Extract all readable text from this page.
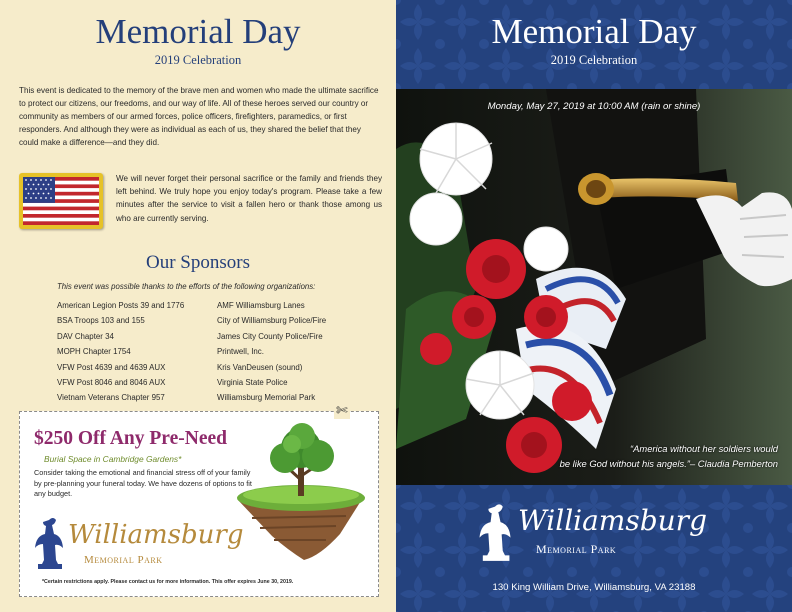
Memorial Day
2019 Celebration
This event is dedicated to the memory of the brave men and women who made the ultimate sacrifice to protect our citizens, our freedoms, and our way of life. All of these heroes served our country or community as members of our armed forces, police officers, firefighters, paramedics, or first responders. And although they were as individual as each of us, they shared the belief that they could make a difference—and they did.
We will never forget their personal sacrifice or the family and friends they left behind. We truly hope you enjoy today's program. Please take a few minutes after the service to visit a fallen hero or thank those among us who are currently serving.
Our Sponsors
This event was possible thanks to the efforts of the following organizations:
American Legion Posts 39 and 1776
BSA Troops 103 and 155
DAV Chapter 34
MOPH Chapter 1754
VFW Post 4639 and 4639 AUX
VFW Post 8046 and 8046 AUX
Vietnam Veterans Chapter 957
AMF Williamsburg Lanes
City of Williamsburg Police/Fire
James City County Police/Fire
Printwell, Inc.
Kris VanDeusen (sound)
Virginia State Police
Williamsburg Memorial Park
$250 Off Any Pre-Need
Burial Space in Cambridge Gardens*
Consider taking the emotional and financial stress off of your family by pre-planning your funeral today. We have dozens of options to fit any budget.
Williamsburg
Memorial Park
*Certain restrictions apply. Please contact us for more information. This offer expires June 30, 2019.
✄
Memorial Day
2019 Celebration
Monday, May 27, 2019 at 10:00 AM (rain or shine)
“America without her soldiers would
be like God without his angels.”– Claudia Pemberton
Williamsburg
Memorial Park
130 King William Drive, Williamsburg, VA 23188
